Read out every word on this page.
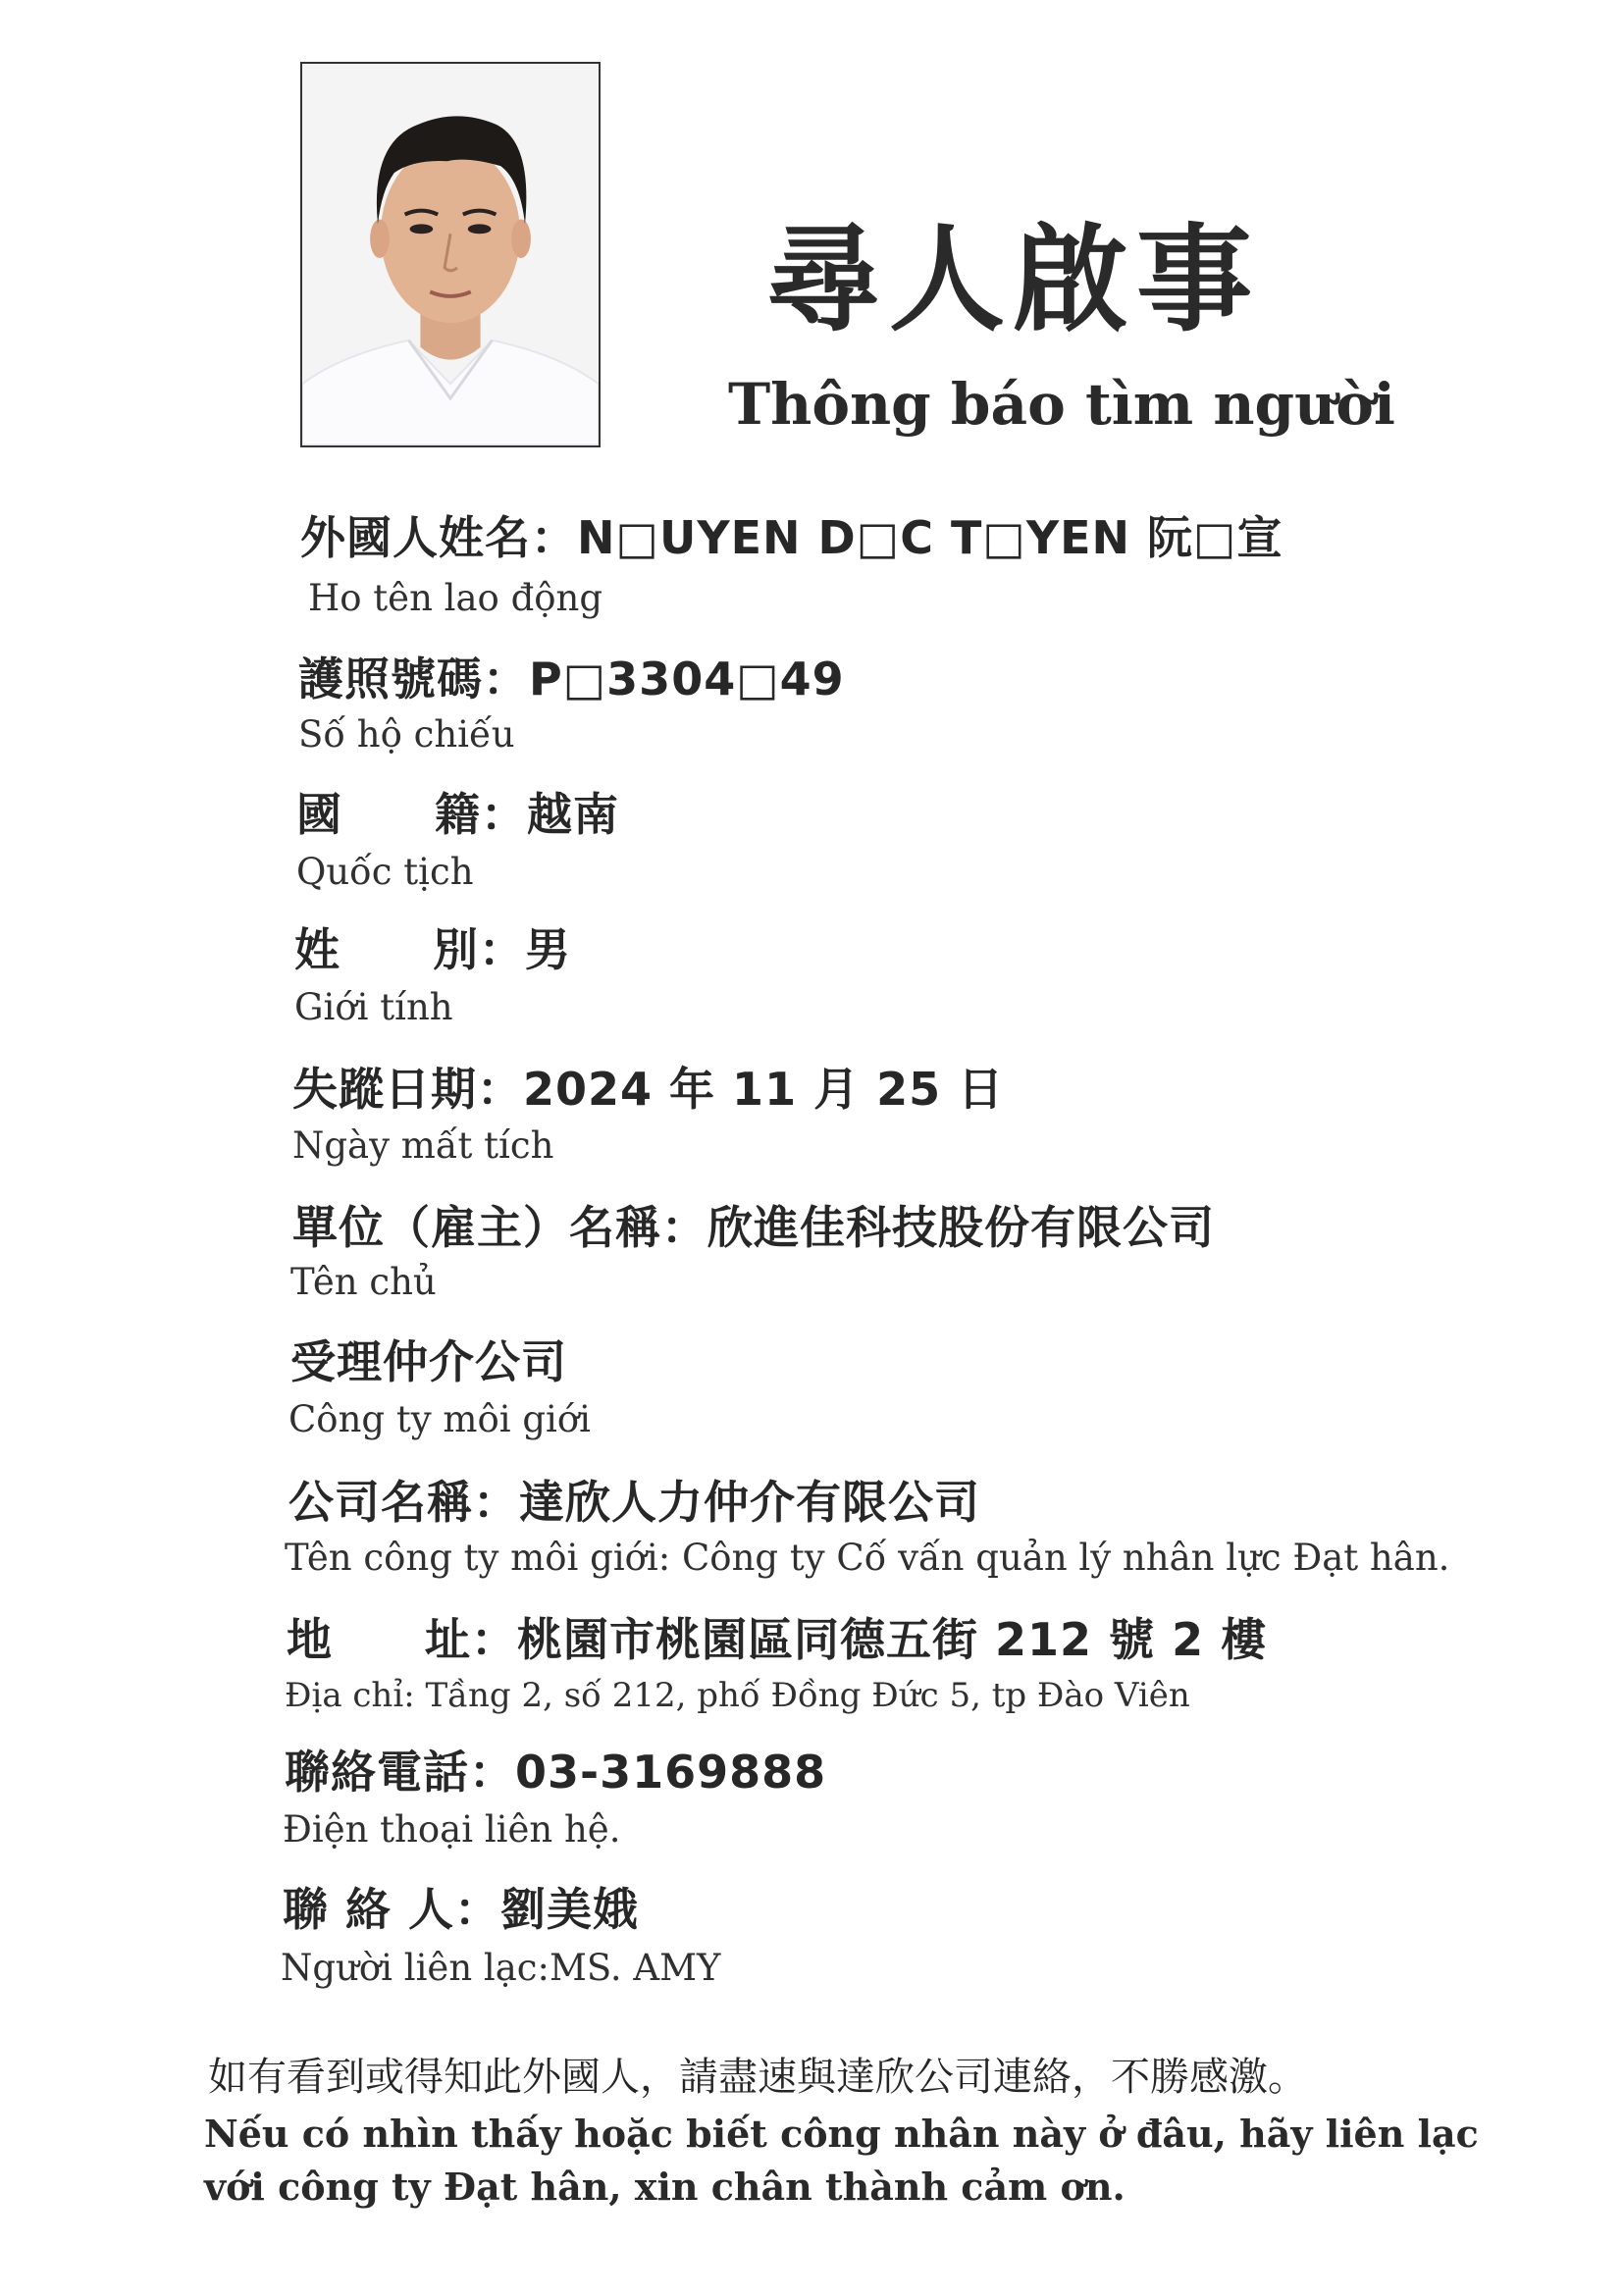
尋人啟事
Thông báo tìm người
外國人姓名：N□UYEN D□C T□YEN 阮□宣
Ho tên lao động
護照號碼：P□3304□49
Số hộ chiếu
國　　籍：越南
Quốc tịch
姓　　別：男
Giới tính
失蹤日期：2024 年 11 月 25 日
Ngày mất tích
單位（雇主）名稱：欣進佳科技股份有限公司
Tên chủ
受理仲介公司
Công ty môi giới
公司名稱：達欣人力仲介有限公司
Tên công ty môi giới: Công ty Cố vấn quản lý nhân lực Đạt hân.
地　　址：桃園市桃園區同德五街 212 號 2 樓
Địa chỉ: Tầng 2, số 212, phố Đồng Đức 5, tp Đào Viên
聯絡電話：03-3169888
Điện thoại liên hệ.
聯 絡 人：劉美娥
Người liên lạc:MS. AMY
如有看到或得知此外國人，請盡速與達欣公司連絡，不勝感激。
Nếu có nhìn thấy hoặc biết công nhân này ở đâu, hãy liên lạc với công ty Đạt hân, xin chân thành cảm ơn.
